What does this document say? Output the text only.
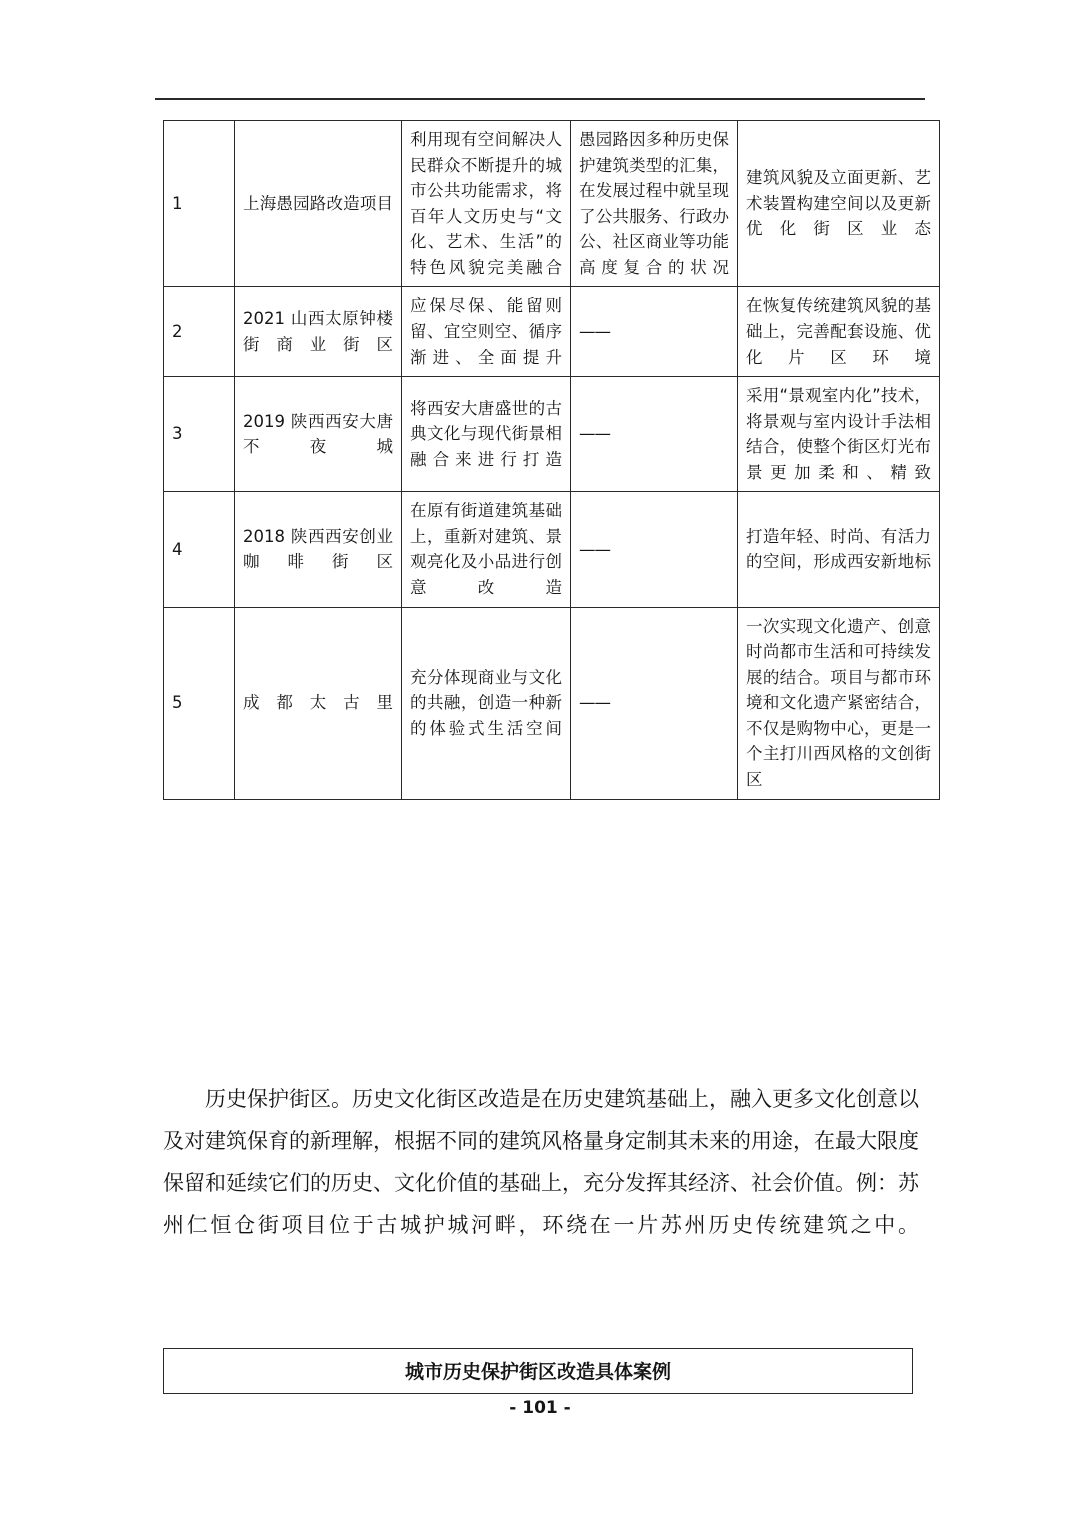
1	上海愚园路改造项目	利用现有空间解决人民群众不断提升的城市公共功能需求，将百年人文历史与“文化、艺术、生活”的特色风貌完美融合	愚园路因多种历史保护建筑类型的汇集，在发展过程中就呈现了公共服务、行政办公、社区商业等功能高度复合的状况	建筑风貌及立面更新、艺术装置构建空间以及更新优化街区业态
2	2021 山西太原钟楼街商业街区	应保尽保、能留则留、宜空则空、循序渐进、全面提升	——	在恢复传统建筑风貌的基础上，完善配套设施、优化片区环境
3	2019 陕西西安大唐不夜城	将西安大唐盛世的古典文化与现代街景相融合来进行打造	——	采用“景观室内化”技术，将景观与室内设计手法相结合，使整个街区灯光布景更加柔和、精致
4	2018 陕西西安创业咖啡街区	在原有街道建筑基础上，重新对建筑、景观亮化及小品进行创意改造	——	打造年轻、时尚、有活力的空间，形成西安新地标
5	成都太古里	充分体现商业与文化的共融，创造一种新的体验式生活空间	——	一次实现文化遗产、创意时尚都市生活和可持续发展的结合。项目与都市环境和文化遗产紧密结合，不仅是购物中心，更是一个主打川西风格的文创街区
历史保护街区。历史文化街区改造是在历史建筑基础上，融入更多文化创意以及对建筑保育的新理解，根据不同的建筑风格量身定制其未来的用途，在最大限度保留和延续它们的历史、文化价值的基础上，充分发挥其经济、社会价值。例：苏州仁恒仓街项目位于古城护城河畔，环绕在一片苏州历史传统建筑之中。
城市历史保护街区改造具体案例
- 101 -
